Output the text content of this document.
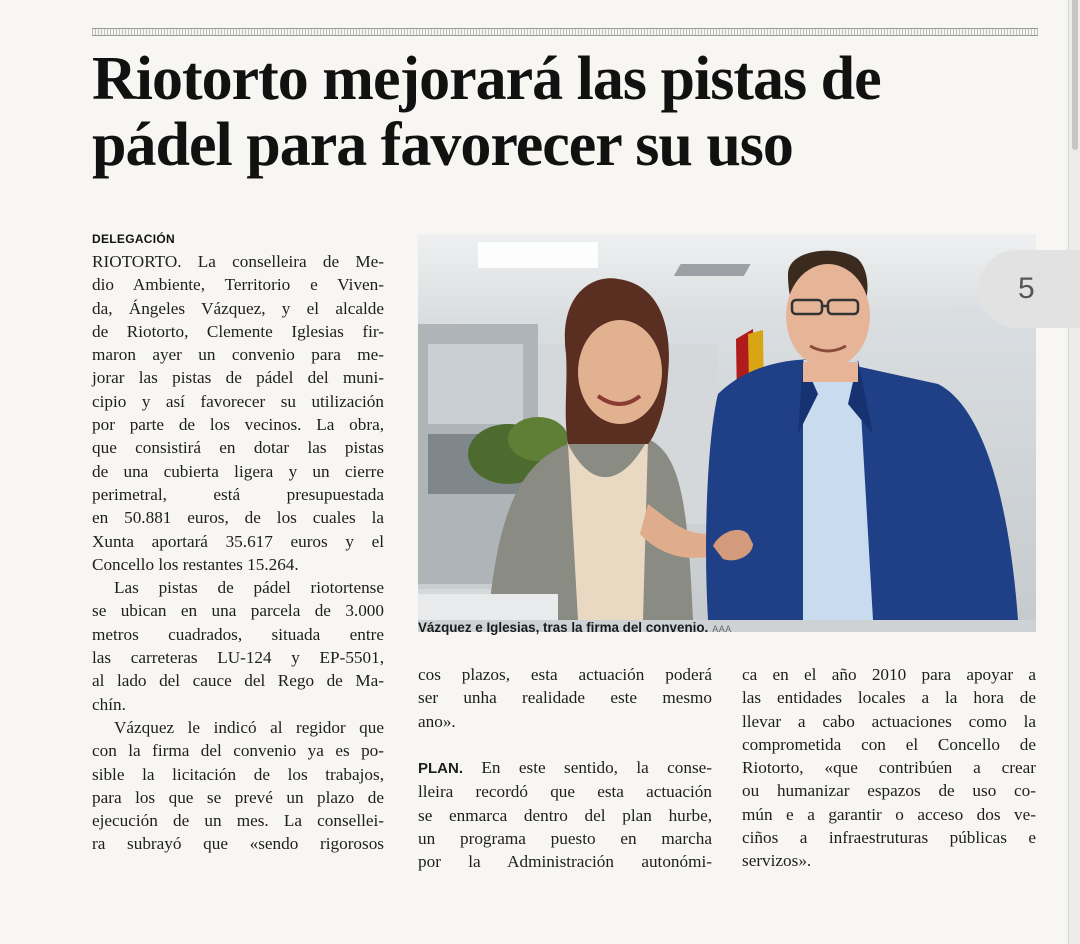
Riotorto mejorará las pistas de
pádel para favorecer su uso
DELEGACIÓN
RIOTORTO. La conselleira de Me-
dio Ambiente, Territorio e Viven-
da, Ángeles Vázquez, y el alcalde
de Riotorto, Clemente Iglesias fir-
maron ayer un convenio para me-
jorar las pistas de pádel del muni-
cipio y así favorecer su utilización
por parte de los vecinos. La obra,
que consistirá en dotar las pistas
de una cubierta ligera y un cierre
perimetral, está presupuestada
en 50.881 euros, de los cuales la
Xunta aportará 35.617 euros y el
Concello los restantes 15.264.
Las pistas de pádel riotortense
se ubican en una parcela de 3.000
metros cuadrados, situada entre
las carreteras LU-124 y EP-5501,
al lado del cauce del Rego de Ma-
chín.
Vázquez le indicó al regidor que
con la firma del convenio ya es po-
sible la licitación de los trabajos,
para los que se prevé un plazo de
ejecución de un mes. La consellei-
ra subrayó que «sendo rigorosos
Vázquez e Iglesias, tras la firma del convenio. AAA
cos plazos, esta actuación poderá
ser unha realidade este mesmo
ano».
PLAN. En este sentido, la conse-
lleira recordó que esta actuación
se enmarca dentro del plan hurbe,
un programa puesto en marcha
por la Administración autonómi-
ca en el año 2010 para apoyar a
las entidades locales a la hora de
llevar a cabo actuaciones como la
comprometida con el Concello de
Riotorto, «que contribúen a crear
ou humanizar espazos de uso co-
mún e a garantir o acceso dos ve-
ciños a infraestruturas públicas e
servizos».
5
